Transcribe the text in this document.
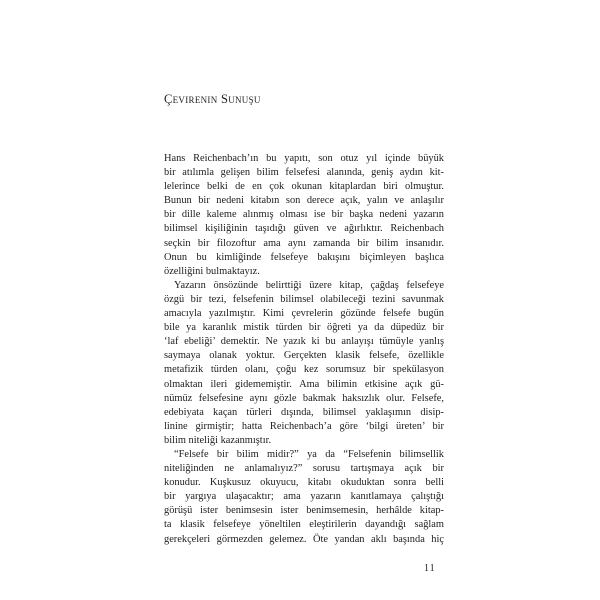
Çevirenin Sunuşu
Hans Reichenbach’ın bu yapıtı, son otuz yıl içinde büyük
bir atılımla gelişen bilim felsefesi alanında, geniş aydın kit-
lelerince belki de en çok okunan kitaplardan biri olmuştur.
Bunun bir nedeni kitabın son derece açık, yalın ve anlaşılır
bir dille kaleme alınmış olması ise bir başka nedeni yazarın
bilimsel kişiliğinin taşıdığı güven ve ağırlıktır. Reichenbach
seçkin bir filozoftur ama aynı zamanda bir bilim insanıdır.
Onun bu kimliğinde felsefeye bakışını biçimleyen başlıca
özelliğini bulmaktayız.
Yazarın önsözünde belirttiği üzere kitap, çağdaş felsefeye
özgü bir tezi, felsefenin bilimsel olabileceği tezini savunmak
amacıyla yazılmıştır. Kimi çevrelerin gözünde felsefe bugün
bile ya karanlık mistik türden bir öğreti ya da düpedüz bir
‘laf ebeliği’ demektir. Ne yazık ki bu anlayışı tümüyle yanlış
saymaya olanak yoktur. Gerçekten klasik felsefe, özellikle
metafizik türden olanı, çoğu kez sorumsuz bir spekülasyon
olmaktan ileri gidememiştir. Ama bilimin etkisine açık gü-
nümüz felsefesine aynı gözle bakmak haksızlık olur. Felsefe,
edebiyata kaçan türleri dışında, bilimsel yaklaşımın disip-
linine girmiştir; hatta Reichenbach’a göre ‘bilgi üreten’ bir
bilim niteliği kazanmıştır.
“Felsefe bir bilim midir?” ya da “Felsefenin bilimsellik
niteliğinden ne anlamalıyız?” sorusu tartışmaya açık bir
konudur. Kuşkusuz okuyucu, kitabı okuduktan sonra belli
bir yargıya ulaşacaktır; ama yazarın kanıtlamaya çalıştığı
görüşü ister benimsesin ister benimsemesin, herhâlde kitap-
ta klasik felsefeye yöneltilen eleştirilerin dayandığı sağlam
gerekçeleri görmezden gelemez. Öte yandan aklı başında hiç
11
